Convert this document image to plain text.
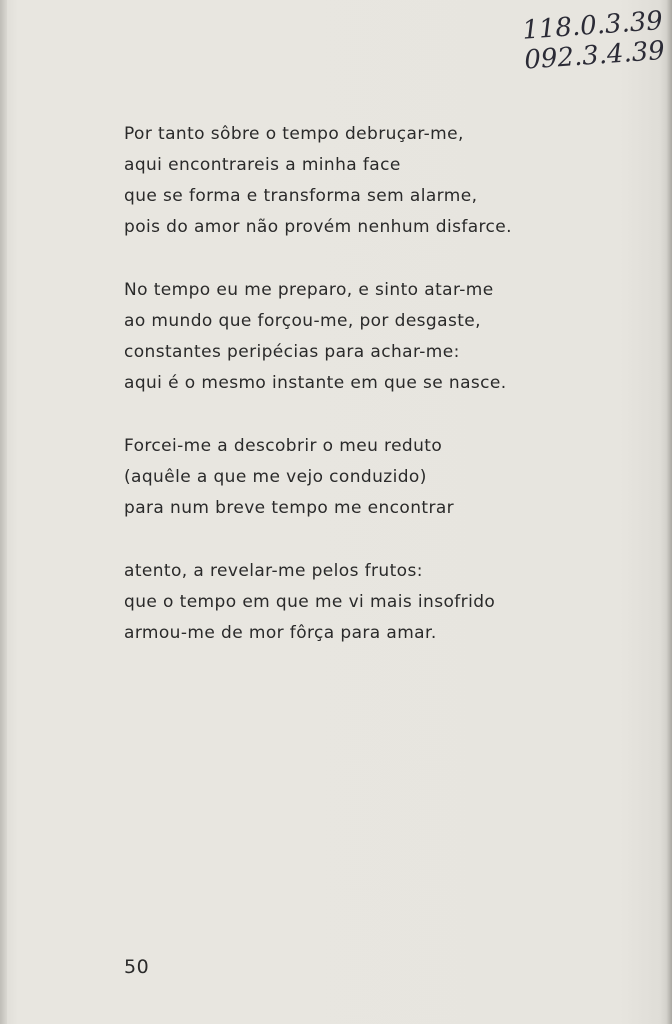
118.0.3.39
092.3.4.39
Por tanto sôbre o tempo debruçar-me,
aqui encontrareis a minha face
que se forma e transforma sem alarme,
pois do amor não provém nenhum disfarce.
No tempo eu me preparo, e sinto atar-me
ao mundo que forçou-me, por desgaste,
constantes peripécias para achar-me:
aqui é o mesmo instante em que se nasce.
Forcei-me a descobrir o meu reduto
(aquêle a que me vejo conduzido)
para num breve tempo me encontrar
atento, a revelar-me pelos frutos:
que o tempo em que me vi mais insofrido
armou-me de mor fôrça para amar.
50
